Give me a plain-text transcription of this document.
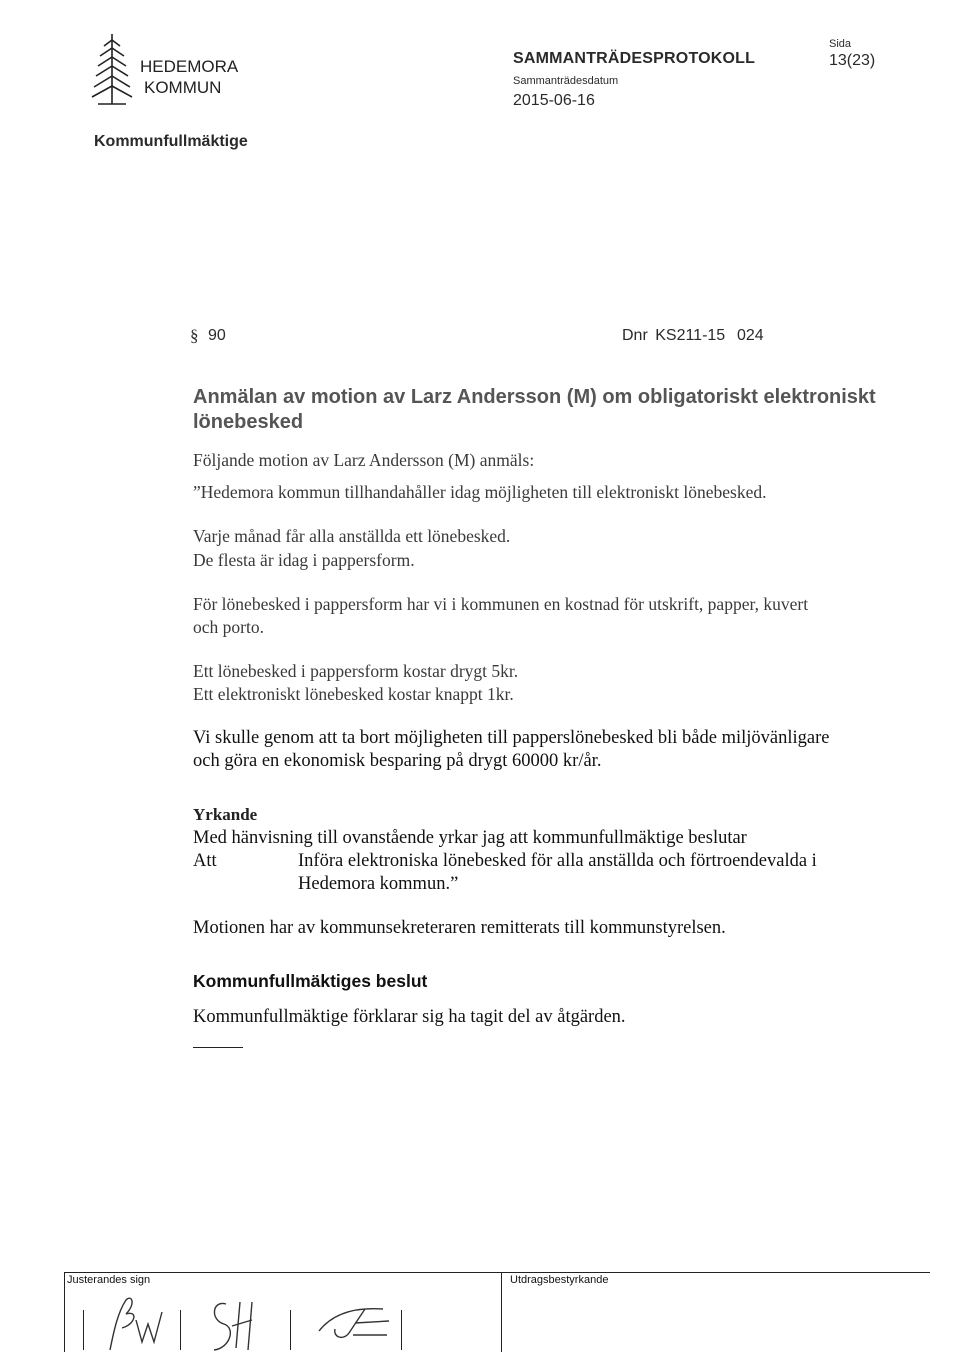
HEDEMORA
KOMMUN
SAMMANTRÄDESPROTOKOLL
Sida
13(23)
Sammanträdesdatum
2015-06-16
Kommunfullmäktige
§ 90	Dnr KS211-15 024
Anmälan av motion av Larz Andersson (M) om obligatoriskt elektroniskt lönebesked
Följande motion av Larz Andersson (M) anmäls:
”Hedemora kommun tillhandahåller idag möjligheten till elektroniskt lönebesked.
Varje månad får alla anställda ett lönebesked.
De flesta är idag i pappersform.
För lönebesked i pappersform har vi i kommunen en kostnad för utskrift, papper, kuvert
och porto.
Ett lönebesked i pappersform kostar drygt 5kr.
Ett elektroniskt lönebesked kostar knappt 1kr.
Vi skulle genom att ta bort möjligheten till papperslönebesked bli både miljövänligare
och göra en ekonomisk besparing på drygt 60000 kr/år.
Yrkande
Med hänvisning till ovanstående yrkar jag att kommunfullmäktige beslutar
Att	Införa elektroniska lönebesked för alla anställda och förtroendevalda i
Hedemora kommun.”
Motionen har av kommunsekreteraren remitterats till kommunstyrelsen.
Kommunfullmäktiges beslut
Kommunfullmäktige förklarar sig ha tagit del av åtgärden.
Justerandes sign	Utdragsbestyrkande
